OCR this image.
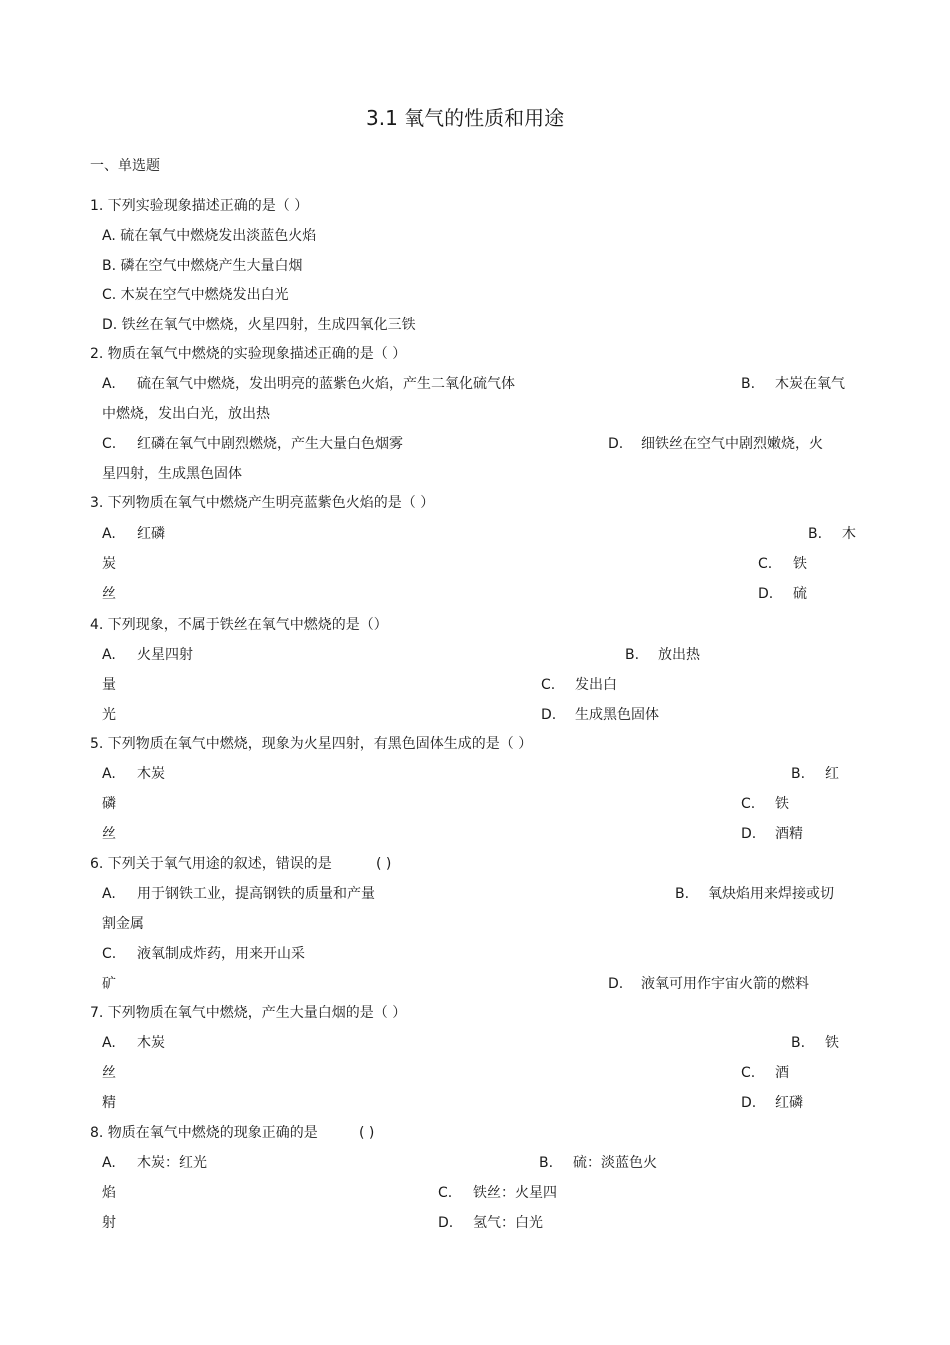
3.1 氧气的性质和用途
一、单选题
1. 下列实验现象描述正确的是（ ）
A. 硫在氧气中燃烧发出淡蓝色火焰
B. 磷在空气中燃烧产生大量白烟
C. 木炭在空气中燃烧发出白光
D. 铁丝在氧气中燃烧，火星四射，生成四氧化三铁
2. 物质在氧气中燃烧的实验现象描述正确的是（ ）
A. 硫在氧气中燃烧，发出明亮的蓝紫色火焰，产生二氧化硫气体	B. 木炭在氧气
中燃烧，发出白光，放出热
C. 红磷在氧气中剧烈燃烧，产生大量白色烟雾	D. 细铁丝在空气中剧烈嫩烧，火
星四射，生成黑色固体
3. 下列物质在氧气中燃烧产生明亮蓝紫色火焰的是（ ）
A. 红磷	B. 木
炭	C. 铁
丝	D. 硫
4. 下列现象，不属于铁丝在氧气中燃烧的是（）
A. 火星四射	B. 放出热
量	C. 发出白
光	D. 生成黑色固体
5. 下列物质在氧气中燃烧，现象为火星四射，有黑色固体生成的是（ ）
A. 木炭	B. 红
磷	C. 铁
丝	D. 酒精
6. 下列关于氧气用途的叙述，错误的是	( )
A. 用于钢铁工业，提高钢铁的质量和产量	B. 氧炔焰用来焊接或切
割金属
C. 液氧制成炸药，用来开山采
矿	D. 液氧可用作宇宙火箭的燃料
7. 下列物质在氧气中燃烧，产生大量白烟的是（ ）
A. 木炭	B. 铁
丝	C. 酒
精	D. 红磷
8. 物质在氧气中燃烧的现象正确的是	( )
A. 木炭：红光	B. 硫：淡蓝色火
焰	C. 铁丝：火星四
射	D. 氢气：白光
